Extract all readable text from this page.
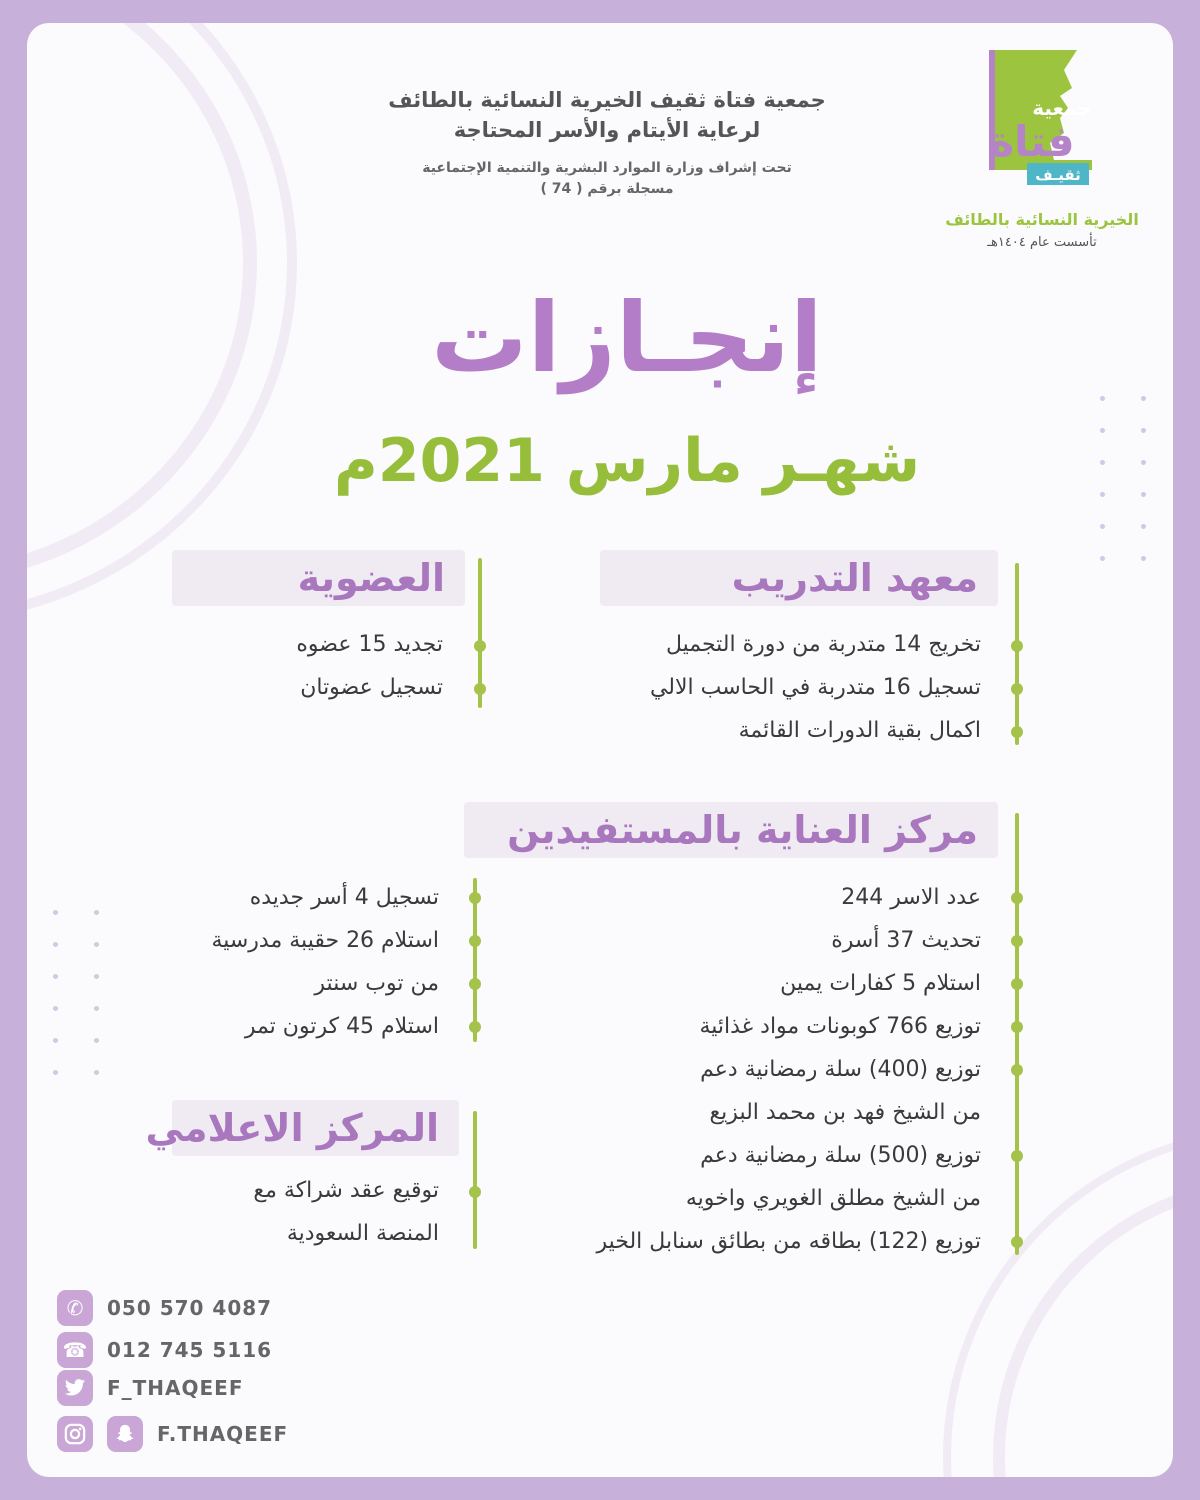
جمعية فتاة ثقيف الخيرية النسائية بالطائف
لرعاية الأيتام والأسر المحتاجة
تحت إشراف وزارة الموارد البشرية والتنمية الإجتماعية
مسجلة برقم ( 74 )
جمعية
فتاة
ثقيـف
الخيرية النسائية بالطائف
تأسست عام ١٤٠٤هـ
إنجـازات
شهـر مارس 2021م
معهد التدريب
تخريج 14 متدربة من دورة التجميل
تسجيل 16 متدربة في الحاسب الالي
اكمال بقية الدورات القائمة
العضوية
تجديد 15 عضوه
تسجيل عضوتان
مركز العناية بالمستفيدين
عدد الاسر 244
تحديث 37 أسرة
استلام 5 كفارات يمين
توزيع 766 كوبونات مواد غذائية
توزيع (400) سلة رمضانية دعم
من الشيخ فهد بن محمد البزيع
توزيع (500) سلة رمضانية دعم
من الشيخ مطلق الغويري واخويه
توزيع (122) بطاقه من بطائق سنابل الخير
تسجيل 4 أسر جديده
استلام 26 حقيبة مدرسية
من توب سنتر
استلام 45 كرتون تمر
المركز الاعلامي
توقيع عقد شراكة مع
المنصة السعودية
✆	050 570 4087
☎ 012 745 5116
F_THAQEEF
F.THAQEEF
